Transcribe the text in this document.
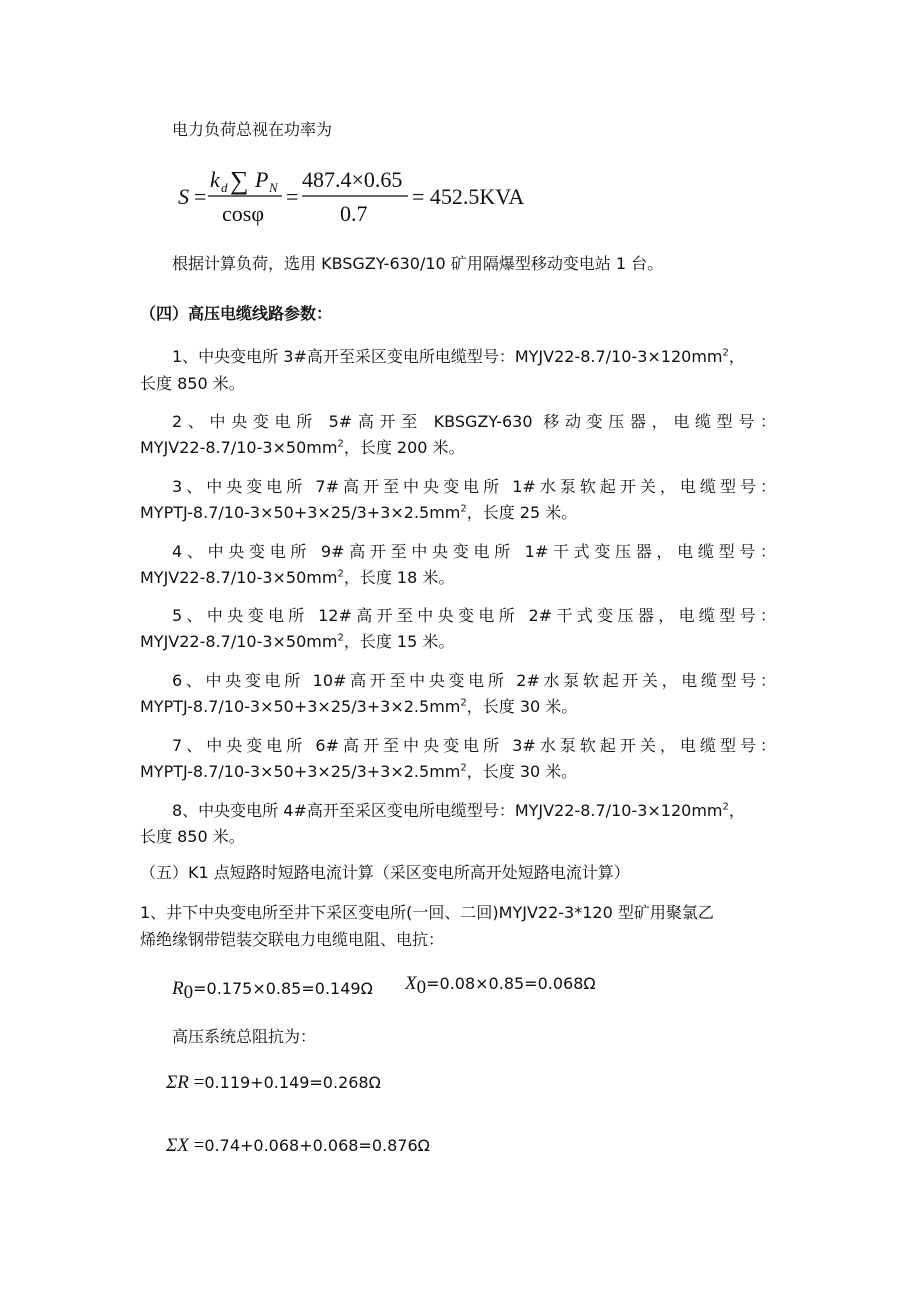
电力负荷总视在功率为
S =
k d ∑ P N
cosφ
=
487.4×0.65
0.7
= 452.5KVA
根据计算负荷，选用 KBSGZY-630/10 矿用隔爆型移动变电站 1 台。
（四）高压电缆线路参数：
1、中央变电所 3#高开至采区变电所电缆型号：$MYJV22-8.7/10-3\times 120mm^2$，
长度 850 米。
2、中央变电所 5#高开至 KBSGZY-630 移动变压器，电缆型号：
$MYJV22-8.7/10-3\times 50mm^2$，长度 200 米。
3、中央变电所 7#高开至中央变电所 1#水泵软起开关，电缆型号：
MYPTJ-$8.7/10-3\times 50+3\times 25/3+3\times 2.5mm^2$，长度 25 米。
4、中央变电所 9#高开至中央变电所 1#干式变压器，电缆型号：
$MYJV22-8.7/10-3\times 50mm^2$，长度 18 米。
5、中央变电所 12#高开至中央变电所 2#干式变压器，电缆型号：
$MYJV22-8.7/10-3\times 50mm^2$，长度 15 米。
6、中央变电所 10#高开至中央变电所 2#水泵软起开关，电缆型号：
MYPTJ-$8.7/10-3\times 50+3\times 25/3+3\times 2.5mm^2$，长度 30 米。
7、中央变电所 6#高开至中央变电所 3#水泵软起开关，电缆型号：
MYPTJ-$8.7/10-3\times 50+3\times 25/3+3\times 2.5mm^2$，长度 30 米。
8、中央变电所 4#高开至采区变电所电缆型号：$MYJV22-8.7/10-3\times 120mm^2$，
长度 850 米。
（五）K1 点短路时短路电流计算（采区变电所高开处短路电流计算）
1、井下中央变电所至井下采区变电所(一回、二回)MYJV22-3*120 型矿用聚氯乙
烯绝缘钢带铠装交联电力电缆电阻、电抗：
$R_0=0.175\times 0.85=0.149\Omega$ $X_0=0.08\times 0.85=0.068\Omega$
高压系统总阻抗为：
ΣR =0.119+0.149=0.268Ω
ΣX =0.74+0.068+0.068=0.876Ω
